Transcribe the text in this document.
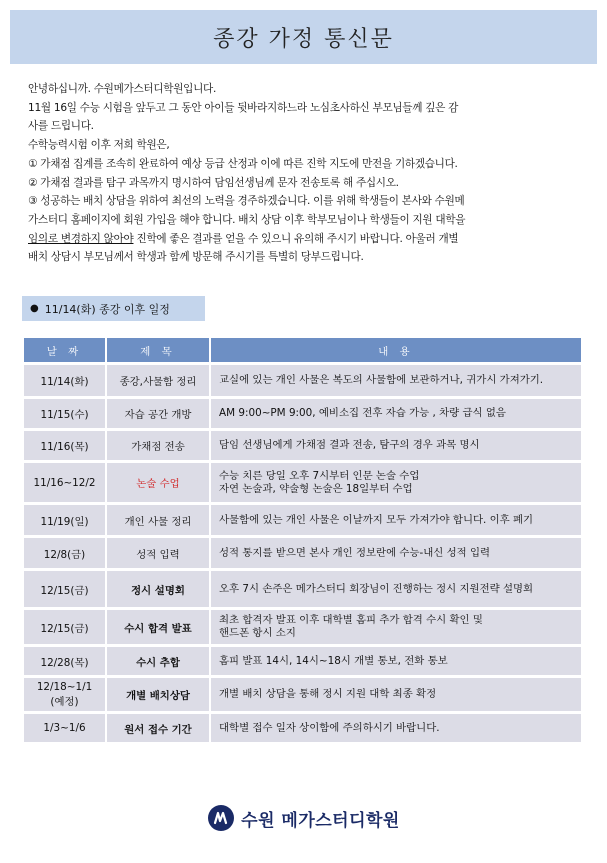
종강 가정 통신문

안녕하십니까. 수원메가스터디학원입니다.

11월 16일 수능 시험을 앞두고 그 동안 아이들 뒷바라지하느라 노심초사하신 부모님들께 깊은 감

사를 드립니다.

수학능력시험 이후 저희 학원은,

① 가채점 집계를 조속히 완료하여 예상 등급 산정과 이에 따른 진학 지도에 만전을 기하겠습니다.

② 가채점 결과를 탐구 과목까지 명시하여 담임선생님께 문자 전송토록 해 주십시오.

③ 성공하는 배치 상담을 위하여 최선의 노력을 경주하겠습니다. 이를 위해 학생들이 본사와 수원메

가스터디 홈페이지에 회원 가입을 해야 합니다. 배치 상담 이후 학부모님이나 학생들이 지원 대학을

임의로 변경하지 않아야 진학에 좋은 결과를 얻을 수 있으니 유의해 주시기 바랍니다. 아울러 개별

배치 상담시 부모님께서 학생과 함께 방문해 주시기를 특별히 당부드립니다.

● 11/14(화) 종강 이후 일정
날 짜	제 목	내 용
11/14(화)	종강,사물함 정리	교실에 있는 개인 사물은 복도의 사물함에 보관하거나, 귀가시 가져가기.
11/15(수)	자습 공간 개방	AM 9:00~PM 9:00, 예비소집 전후 자습 가능 , 차량 급식 없음
11/16(목)	가채점 전송	담임 선생님에게 가채점 결과 전송, 탐구의 경우 과목 명시
11/16~12/2	논술 수업	수능 치른 당일 오후 7시부터 인문 논술 수업
자연 논술과, 약술형 논술은 18일부터 수업

11/19(일)	개인 사물 정리	사물함에 있는 개인 사물은 이날까지 모두 가져가야 합니다. 이후 폐기
12/8(금)	성적 입력	성적 통지를 받으면 본사 개인 정보란에 수능-내신 성적 입력
12/15(금)	정시 설명회	오후 7시 손주은 메가스터디 회장님이 진행하는 정시 지원전략 설명회
12/15(금)	수시 합격 발표	최초 합격자 발표 이후 대학별 홈피 추가 합격 수시 확인 및
핸드폰 항시 소지

12/28(목)	수시 추합	홈피 발표 14시, 14시~18시 개별 통보, 전화 통보

12/18~1/1
(예정)	개별 배치상담	개별 배치 상담을 통해 정시 지원 대학 최종 확정
1/3~1/6	원서 접수 기간	대학별 접수 일자 상이함에 주의하시기 바랍니다.
수원 메가스터디학원
